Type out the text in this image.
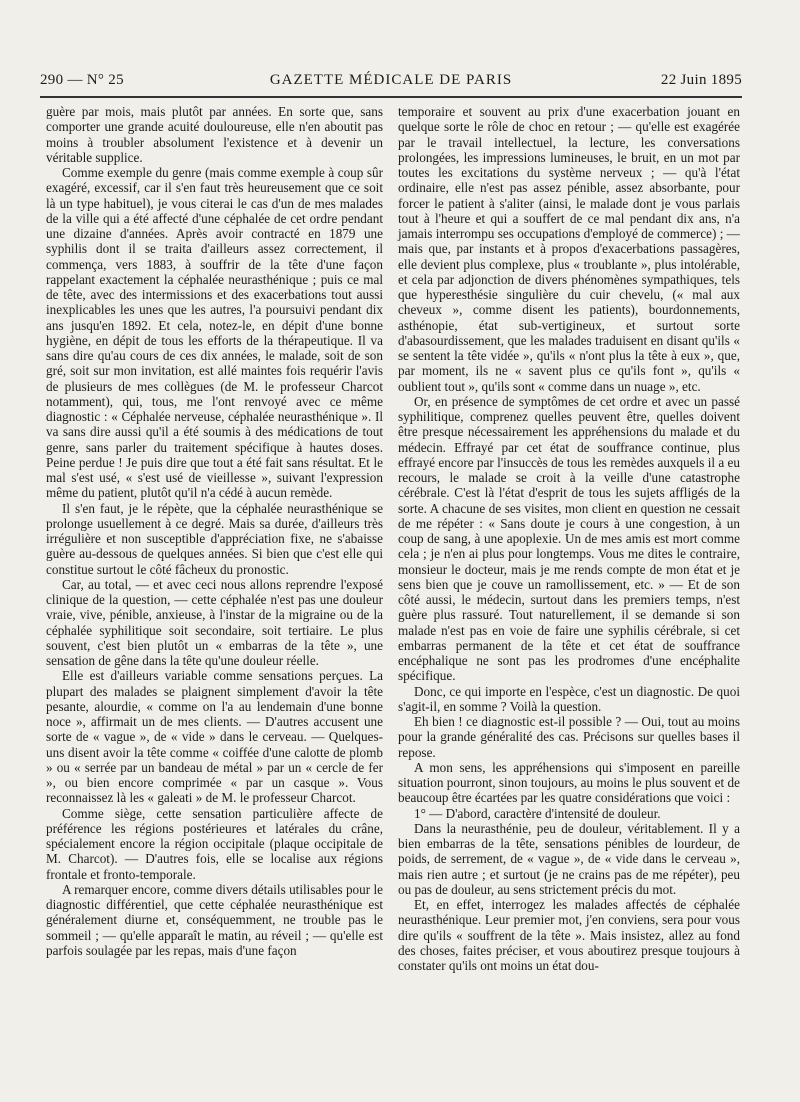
290 — N° 25	GAZETTE MÉDICALE DE PARIS	22 Juin 1895

guère par mois, mais plutôt par années. En sorte que, sans comporter une grande acuité douloureuse, elle n'en aboutit pas moins à troubler absolument l'existence et à devenir un véritable supplice.

Comme exemple du genre (mais comme exemple à coup sûr exagéré, excessif, car il s'en faut très heureusement que ce soit là un type habituel), je vous citerai le cas d'un de mes malades de la ville qui a été affecté d'une céphalée de cet ordre pendant une dizaine d'années. Après avoir contracté en 1879 une syphilis dont il se traita d'ailleurs assez correctement, il commença, vers 1883, à souffrir de la tête d'une façon rappelant exactement la céphalée neurasthénique ; puis ce mal de tête, avec des intermissions et des exacerbations tout aussi inexplicables les unes que les autres, l'a poursuivi pendant dix ans jusqu'en 1892. Et cela, notez-le, en dépit d'une bonne hygiène, en dépit de tous les efforts de la thérapeutique. Il va sans dire qu'au cours de ces dix années, le malade, soit de son gré, soit sur mon invitation, est allé maintes fois requérir l'avis de plusieurs de mes collègues (de M. le professeur Charcot notamment), qui, tous, me l'ont renvoyé avec ce même diagnostic : « Céphalée nerveuse, céphalée neurasthénique ». Il va sans dire aussi qu'il a été soumis à des médications de tout genre, sans parler du traitement spécifique à hautes doses. Peine perdue ! Je puis dire que tout a été fait sans résultat. Et le mal s'est usé, « s'est usé de vieillesse », suivant l'expression même du patient, plutôt qu'il n'a cédé à aucun remède.

Il s'en faut, je le répète, que la céphalée neurasthénique se prolonge usuellement à ce degré. Mais sa durée, d'ailleurs très irrégulière et non susceptible d'appréciation fixe, ne s'abaisse guère au-dessous de quelques années. Si bien que c'est elle qui constitue surtout le côté fâcheux du pronostic.

Car, au total, — et avec ceci nous allons reprendre l'exposé clinique de la question, — cette céphalée n'est pas une douleur vraie, vive, pénible, anxieuse, à l'instar de la migraine ou de la céphalée syphilitique soit secondaire, soit tertiaire. Le plus souvent, c'est bien plutôt un « embarras de la tête », une sensation de gêne dans la tête qu'une douleur réelle.

Elle est d'ailleurs variable comme sensations perçues. La plupart des malades se plaignent simplement d'avoir la tête pesante, alourdie, « comme on l'a au lendemain d'une bonne noce », affirmait un de mes clients. — D'autres accusent une sorte de « vague », de « vide » dans le cerveau. — Quelques-uns disent avoir la tête comme « coiffée d'une calotte de plomb » ou « serrée par un bandeau de métal » par un « cercle de fer », ou bien encore comprimée « par un casque ». Vous reconnaissez là les « galeati » de M. le professeur Charcot.

Comme siège, cette sensation particulière affecte de préférence les régions postérieures et latérales du crâne, spécialement encore la région occipitale (plaque occipitale de M. Charcot). — D'autres fois, elle se localise aux régions frontale et fronto-temporale.

A remarquer encore, comme divers détails utilisables pour le diagnostic différentiel, que cette céphalée neurasthénique est généralement diurne et, conséquemment, ne trouble pas le sommeil ; — qu'elle apparaît le matin, au réveil ; — qu'elle est parfois soulagée par les repas, mais d'une façon

temporaire et souvent au prix d'une exacerbation jouant en quelque sorte le rôle de choc en retour ; — qu'elle est exagérée par le travail intellectuel, la lecture, les conversations prolongées, les impressions lumineuses, le bruit, en un mot par toutes les excitations du système nerveux ; — qu'à l'état ordinaire, elle n'est pas assez pénible, assez absorbante, pour forcer le patient à s'aliter (ainsi, le malade dont je vous parlais tout à l'heure et qui a souffert de ce mal pendant dix ans, n'a jamais interrompu ses occupations d'employé de commerce) ; — mais que, par instants et à propos d'exacerbations passagères, elle devient plus complexe, plus « troublante », plus intolérable, et cela par adjonction de divers phénomènes sympathiques, tels que hyperesthésie singulière du cuir chevelu, (« mal aux cheveux », comme disent les patients), bourdonnements, asthénopie, état sub-vertigineux, et surtout sorte d'abasourdissement, que les malades traduisent en disant qu'ils « se sentent la tête vidée », qu'ils « n'ont plus la tête à eux », que, par moment, ils ne « savent plus ce qu'ils font », qu'ils « oublient tout », qu'ils sont « comme dans un nuage », etc.

Or, en présence de symptômes de cet ordre et avec un passé syphilitique, comprenez quelles peuvent être, quelles doivent être presque nécessairement les appréhensions du malade et du médecin. Effrayé par cet état de souffrance continue, plus effrayé encore par l'insuccès de tous les remèdes auxquels il a eu recours, le malade se croit à la veille d'une catastrophe cérébrale. C'est là l'état d'esprit de tous les sujets affligés de la sorte. A chacune de ses visites, mon client en question ne cessait de me répéter : « Sans doute je cours à une congestion, à un coup de sang, à une apoplexie. Un de mes amis est mort comme cela ; je n'en ai plus pour longtemps. Vous me dites le contraire, monsieur le docteur, mais je me rends compte de mon état et je sens bien que je couve un ramollissement, etc. » — Et de son côté aussi, le médecin, surtout dans les premiers temps, n'est guère plus rassuré. Tout naturellement, il se demande si son malade n'est pas en voie de faire une syphilis cérébrale, si cet embarras permanent de la tête et cet état de souffrance encéphalique ne sont pas les prodromes d'une encéphalite spécifique.

Donc, ce qui importe en l'espèce, c'est un diagnostic. De quoi s'agit-il, en somme ? Voilà la question.

Eh bien ! ce diagnostic est-il possible ? — Oui, tout au moins pour la grande généralité des cas. Précisons sur quelles bases il repose.

A mon sens, les appréhensions qui s'imposent en pareille situation pourront, sinon toujours, au moins le plus souvent et de beaucoup être écartées par les quatre considérations que voici :

1° — D'abord, caractère d'intensité de douleur.

Dans la neurasthénie, peu de douleur, véritablement. Il y a bien embarras de la tête, sensations pénibles de lourdeur, de poids, de serrement, de « vague », de « vide dans le cerveau », mais rien autre ; et surtout (je ne crains pas de me répéter), peu ou pas de douleur, au sens strictement précis du mot.

Et, en effet, interrogez les malades affectés de céphalée neurasthénique. Leur premier mot, j'en conviens, sera pour vous dire qu'ils « souffrent de la tête ». Mais insistez, allez au fond des choses, faites préciser, et vous aboutirez presque toujours à constater qu'ils ont moins un état dou-
